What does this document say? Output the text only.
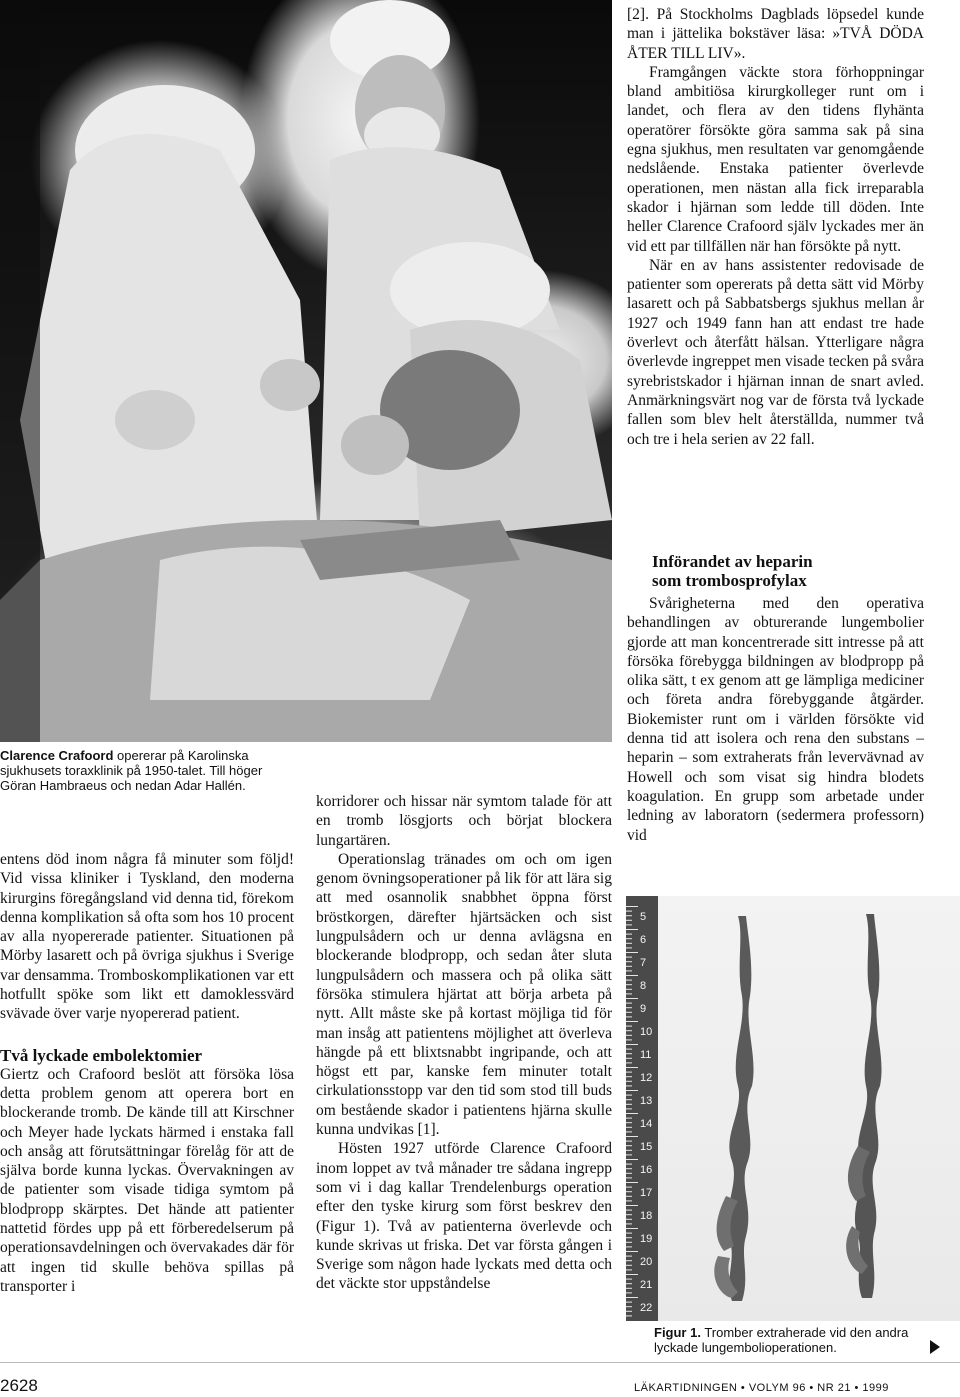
Clarence Crafoord opererar på Karolinska sjukhusets toraxklinik på 1950-talet. Till höger Göran Hambraeus och nedan Adar Hallén.

entens död inom några få minuter som följd! Vid vissa kliniker i Tyskland, den moderna kirurgins föregångsland vid denna tid, förekom denna komplikation så ofta som hos 10 procent av alla nyopererade patienter. Situationen på Mörby lasarett och på övriga sjukhus i Sverige var densamma. Tromboskomplikationen var ett hotfullt spöke som likt ett damoklessvärd svävade över varje nyopererad patient.

Två lyckade embolektomier

Giertz och Crafoord beslöt att försöka lösa detta problem genom att operera bort en blockerande tromb. De kände till att Kirschner och Meyer hade lyckats härmed i enstaka fall och ansåg att förutsättningar förelåg för att de själva borde kunna lyckas. Övervakningen av de patienter som visade tidiga symtom på blodpropp skärptes. Det hände att patienter nattetid fördes upp på ett förberedelserum på operationsavdelningen och övervakades där för att ingen tid skulle behöva spillas på transporter i

korridorer och hissar när symtom talade för att en tromb lösgjorts och börjat blockera lungartären.

Operationslag tränades om och om igen genom övningsoperationer på lik för att lära sig att med osannolik snabbhet öppna först bröstkorgen, därefter hjärtsäcken och sist lungpulsådern och ur denna avlägsna en blockerande blodpropp, och sedan åter sluta lungpulsådern och massera och på olika sätt försöka stimulera hjärtat att börja arbeta på nytt. Allt måste ske på kortast möjliga tid för man insåg att patientens möjlighet att överleva hängde på ett blixtsnabbt ingripande, och att högst ett par, kanske fem minuter totalt cirkulationsstopp var den tid som stod till buds om bestående skador i patientens hjärna skulle kunna undvikas [1].

Hösten 1927 utförde Clarence Crafoord inom loppet av två månader tre sådana ingrepp som vi i dag kallar Trendelenburgs operation efter den tyske kirurg som först beskrev den (Figur 1). Två av patienterna överlevde och kunde skrivas ut friska. Det var första gången i Sverige som någon hade lyckats med detta och det väckte stor uppståndelse

[2]. På Stockholms Dagblads löpsedel kunde man i jättelika bokstäver läsa: »TVÅ DÖDA ÅTER TILL LIV».

Framgången väckte stora förhoppningar bland ambitiösa kirurgkolleger runt om i landet, och flera av den tidens flyhänta operatörer försökte göra samma sak på sina egna sjukhus, men resultaten var genomgående nedslående. Enstaka patienter överlevde operationen, men nästan alla fick irreparabla skador i hjärnan som ledde till döden. Inte heller Clarence Crafoord själv lyckades mer än vid ett par tillfällen när han försökte på nytt.

När en av hans assistenter redovisade de patienter som opererats på detta sätt vid Mörby lasarett och på Sabbatsbergs sjukhus mellan år 1927 och 1949 fann han att endast tre hade överlevt och återfått hälsan. Ytterligare några överlevde ingreppet men visade tecken på svåra syrebristskador i hjärnan innan de snart avled. Anmärkningsvärt nog var de första två lyckade fallen som blev helt återställda, nummer två och tre i hela serien av 22 fall.

Införandet av heparin
som trombosprofylax

Svårigheterna med den operativa behandlingen av obturerande lungembolier gjorde att man koncentrerade sitt intresse på att försöka förebygga bildningen av blodpropp på olika sätt, t ex genom att ge lämpliga mediciner och företa andra förebyggande åtgärder. Biokemister runt om i världen försökte vid denna tid att isolera och rena den substans – heparin – som extraherats från levervävnad av Howell och som visat sig hindra blodets koagulation. En grupp som arbetade under ledning av laboratorn (sedermera professorn) vid

5
6
7
8
9
10
11
12
13
14
15
16
17
18
19
20
21
22
Figur 1. Tromber extraherade vid den andra lyckade lungembolioperationen.
2628	LÄKARTIDNINGEN • VOLYM 96 • NR 21 • 1999
